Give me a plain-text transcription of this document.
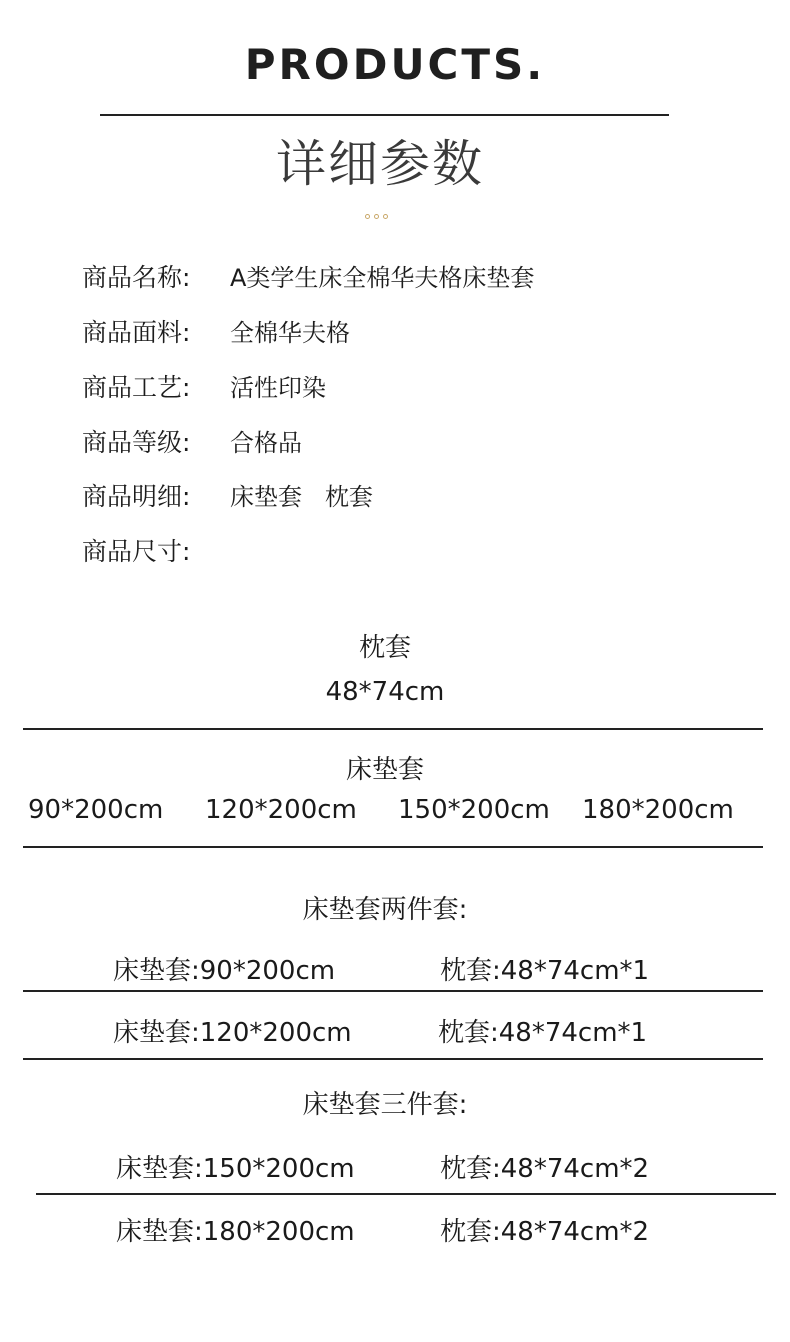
PRODUCTS.
详细参数
商品名称: A类学生床全棉华夫格床垫套
商品面料: 全棉华夫格
商品工艺: 活性印染
商品等级: 合格品
商品明细: 床垫套   枕套
商品尺寸:
枕套
48*74cm
床垫套
90*200cm 120*200cm 150*200cm 180*200cm
床垫套两件套:
床垫套:90*200cm	枕套:48*74cm*1
床垫套:120*200cm	枕套:48*74cm*1
床垫套三件套:
床垫套:150*200cm	枕套:48*74cm*2
床垫套:180*200cm	枕套:48*74cm*2
